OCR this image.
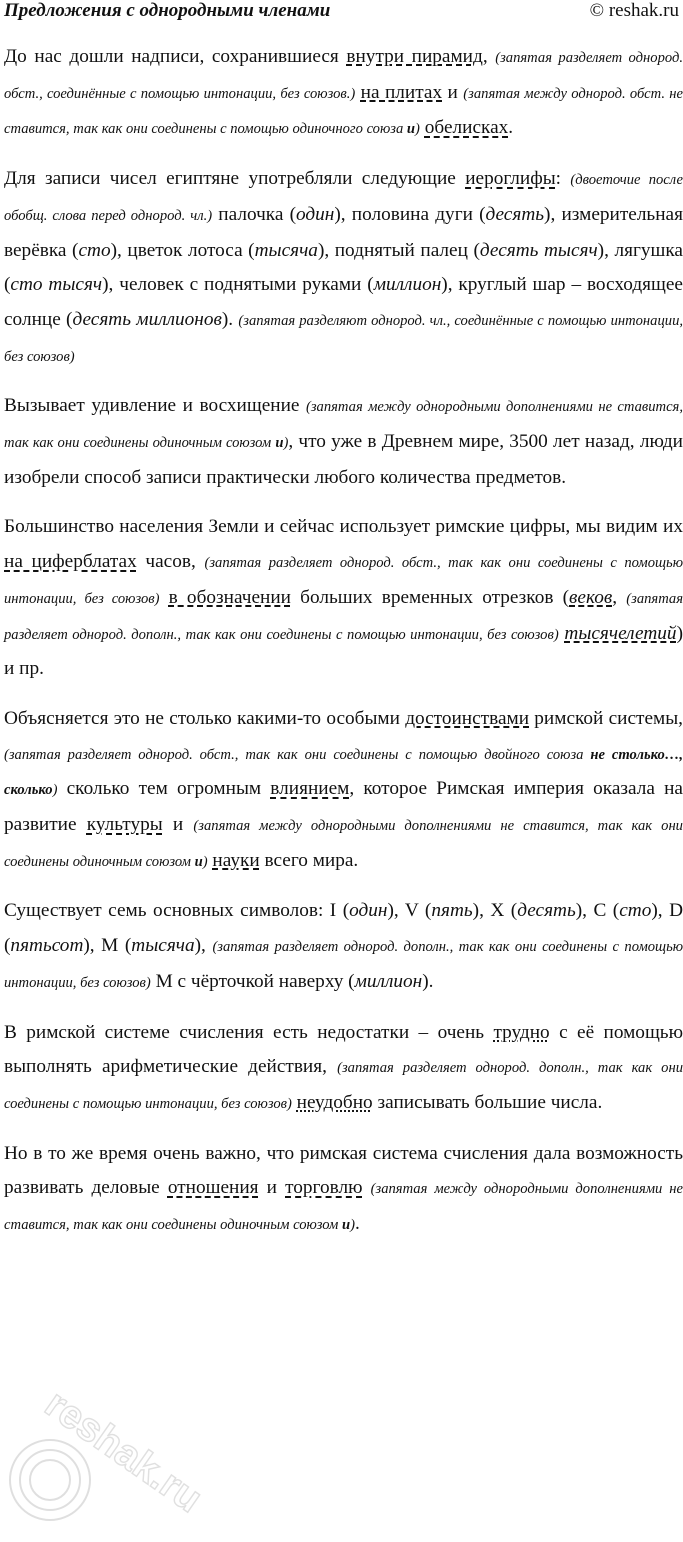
Предложения с однородными членами	© reshak.ru

До нас дошли надписи, сохранившиеся внутри пирамид, (запятая разделяет однород. обст., соединённые с помощью интонации, без союзов.) на плитах и (запятая между однород. обст. не ставится, так как они соединены с помощью одиночного союза и) обелисках.

Для записи чисел египтяне употребляли следующие иероглифы: (двоеточие после обобщ. слова перед однород. чл.) палочка (один), половина дуги (десять), измерительная верёвка (сто), цветок лотоса (тысяча), поднятый палец (десять тысяч), лягушка (сто тысяч), человек с поднятыми руками (миллион), круглый шар – восходящее солнце (десять миллионов). (запятая разделяют однород. чл., соединённые с помощью интонации, без союзов)

Вызывает удивление и восхищение (запятая между однородными дополнениями не ставится, так как они соединены одиночным союзом и), что уже в Древнем мире, 3500 лет назад, люди изобрели способ записи практически любого количества предметов.

Большинство населения Земли и сейчас использует римские цифры, мы видим их на циферблатах часов, (запятая разделяет однород. обст., так как они соединены с помощью интонации, без союзов) в обозначении больших временных отрезков (веков, (запятая разделяет однород. дополн., так как они соединены с помощью интонации, без союзов) тысячелетий) и пр.

Объясняется это не столько какими-то особыми достоинствами римской системы, (запятая разделяет однород. обст., так как они соединены с помощью двойного союза не столько…, сколько) сколько тем огромным влиянием, которое Римская империя оказала на развитие культуры и (запятая между однородными дополнениями не ставится, так как они соединены одиночным союзом и) науки всего мира.

Существует семь основных символов: I (один), V (пять), X (десять), C (сто), D (пятьсот), M (тысяча), (запятая разделяет однород. дополн., так как они соединены с помощью интонации, без союзов) M с чёрточкой наверху (миллион).

В римской системе счисления есть недостатки – очень трудно с её помощью выполнять арифметические действия, (запятая разделяет однород. дополн., так как они соединены с помощью интонации, без союзов) неудобно записывать большие числа.

Но в то же время очень важно, что римская система счисления дала возможность развивать деловые отношения и торговлю (запятая между однородными дополнениями не ставится, так как они соединены одиночным союзом и).

reshak.ru
